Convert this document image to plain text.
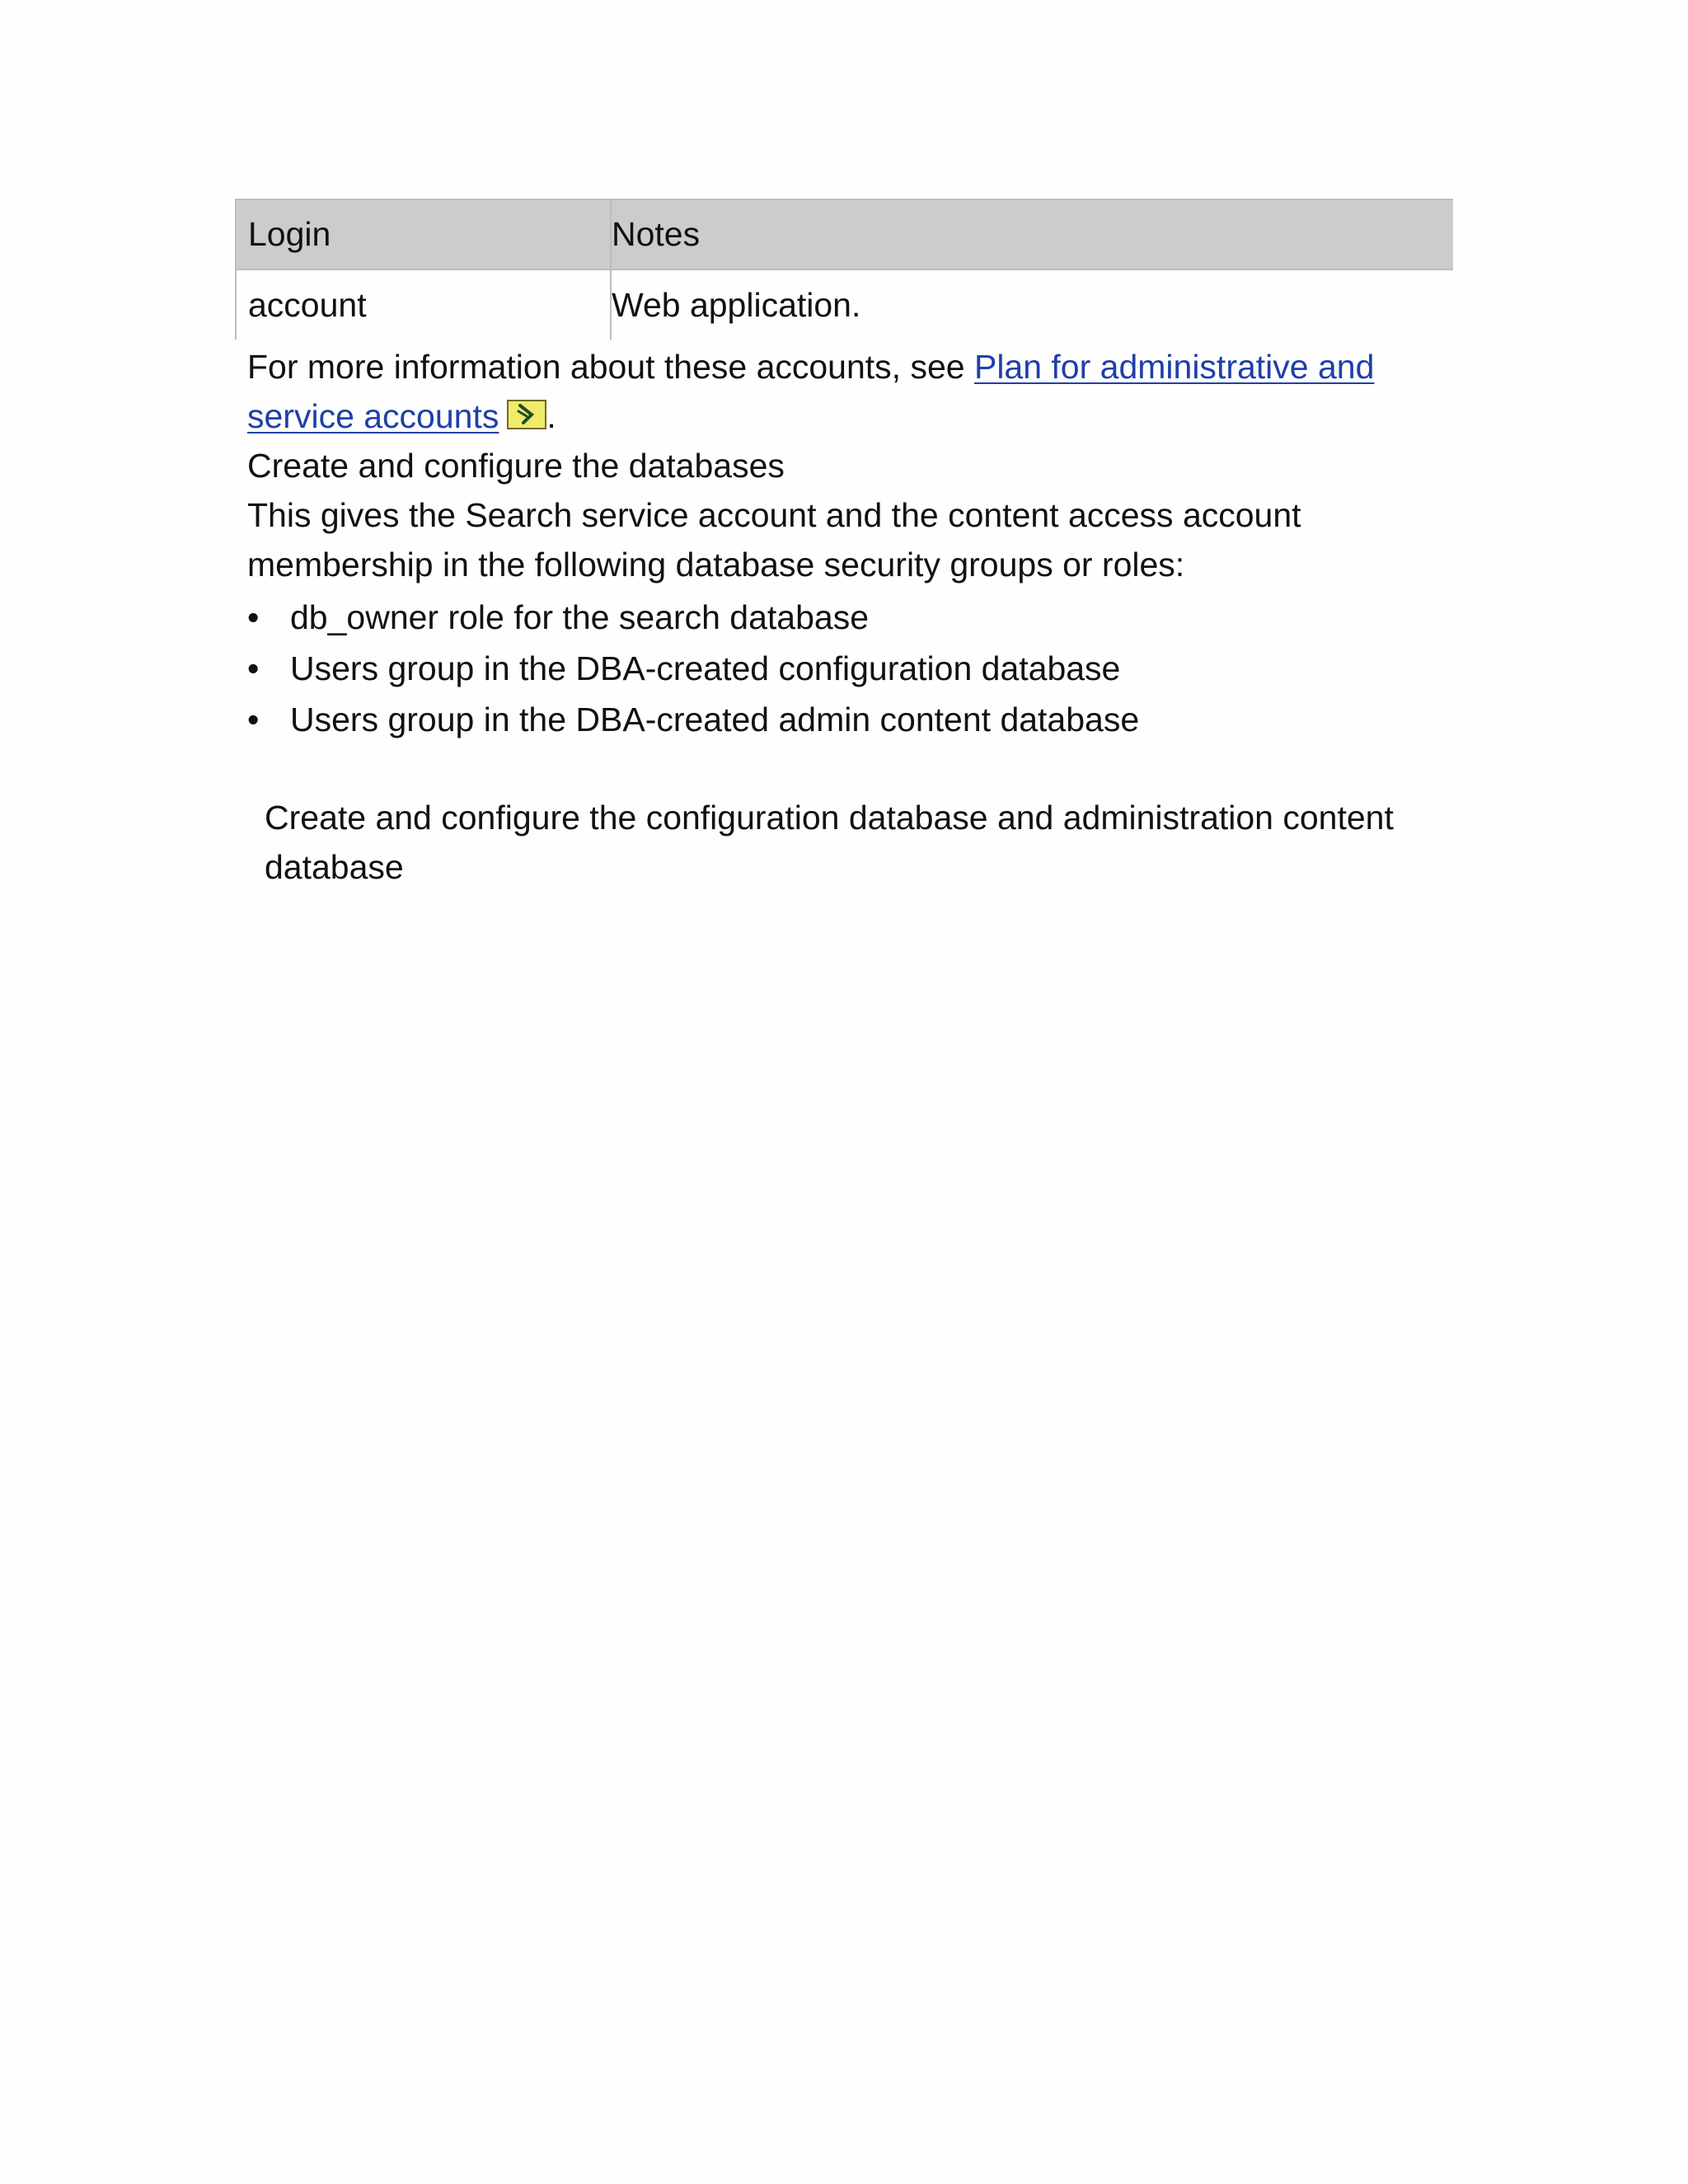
Login	Notes
account	Web application.
For more information about these accounts, see Plan for administrative and
service accounts .
Create and configure the databases
This gives the Search service account and the content access account
membership in the following database security groups or roles:
• db_owner role for the search database
• Users group in the DBA-created configuration database
• Users group in the DBA-created admin content database
Create and configure the configuration database and administration content
database
